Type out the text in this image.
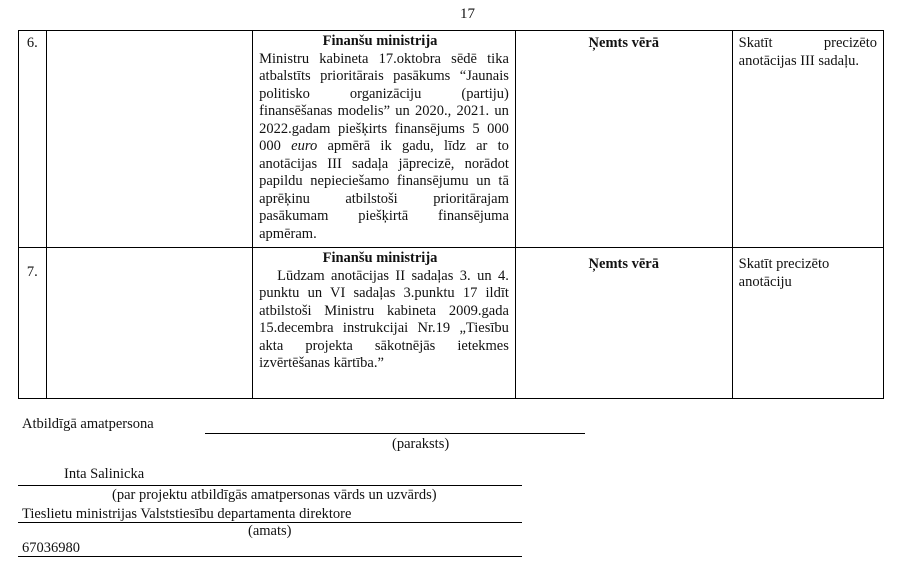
17
6.		Finanšu ministrija
Ministru kabineta 17.oktobra sēdē tika atbalstīts prioritārais pasākums “Jaunais politisko organizāciju (partiju) finansēšanas modelis” un 2020., 2021. un 2022.gadam piešķirts finansējums 5 000 000 euro apmērā ik gadu, līdz ar to anotācijas III sadaļa jāprecizē, norādot papildu nepieciešamo finansējumu un tā aprēķinu atbilstoši prioritārajam pasākumam piešķirtā finansējuma apmēram.	Ņemts vērā	Skatīt precizēto anotācijas III sadaļu.

7.		Finanšu ministrija
Lūdzam anotācijas II sadaļas 3. un 4. punktu un VI sadaļas 3.punktu 17 ildīt atbilstoši Ministru kabineta 2009.gada 15.decembra instrukcijai Nr.19 „Tiesību akta projekta sākotnējās ietekmes izvērtēšanas kārtība.”	Ņemts vērā	Skatīt precizēto anotāciju
Atbildīgā amatpersona
(paraksts)
Inta Salinicka
(par projektu atbildīgās amatpersonas vārds un uzvārds)
Tieslietu ministrijas Valststiesību departamenta direktore
(amats)
67036980
